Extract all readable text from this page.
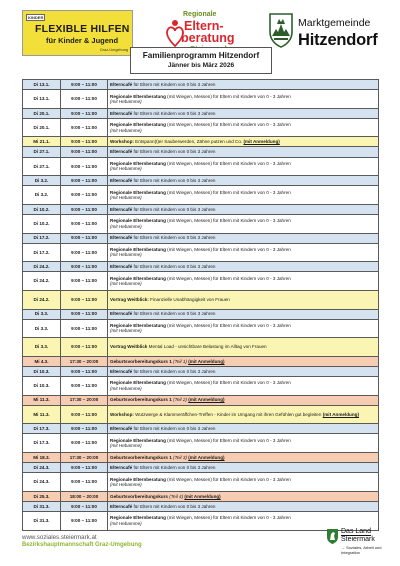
KINDER
FLEXIBLE HILFEN
für Kinder & Jugend
Graz-Umgebung
Regionale
Eltern-
beratung
Marktgemeinde
Hitzendorf
Familienprogramm Hitzendorf
Jänner bis März 2026
Di 13.1.	9:00 – 11:00	Elterncafé für Eltern mit Kindern von 0 bis 3 Jahren
Di 13.1.	9:00 – 11:00	Regionale Elternberatung (mit Wiegen, Messen) für Eltern mit Kindern von 0 - 3 Jahren
(mit Hebamme)
Di 20.1.	9:00 – 11:00	Elterncafé für Eltern mit Kindern von 0 bis 3 Jahren
Di 20.1.	9:00 – 11:00	Regionale Elternberatung (mit Wiegen, Messen) für Eltern mit Kindern von 0 - 3 Jahren
(mit Hebamme)
Mi 21.1.	9:00 – 11:00	Workshop: Entspann(t)er Sauberwerden, Zähne putzen und Co. (mit Anmeldung)
Di 27.1.	9:00 – 11:00	Elterncafé für Eltern mit Kindern von 0 bis 3 Jahren
Di 27.1.	9:00 – 11:00	Regionale Elternberatung (mit Wiegen, Messen) für Eltern mit Kindern von 0 - 3 Jahren
(mit Hebamme)
Di 3.2.	9:00 – 11:00	Elterncafé für Eltern mit Kindern von 0 bis 3 Jahren
Di 3.2.	9:00 – 11:00	Regionale Elternberatung (mit Wiegen, Messen) für Eltern mit Kindern von 0 - 3 Jahren
(mit Hebamme)
Di 10.2.	9:00 – 11:00	Elterncafé für Eltern mit Kindern von 0 bis 3 Jahren
Di 10.2.	9:00 – 11:00	Regionale Elternberatung (mit Wiegen, Messen) für Eltern mit Kindern von 0 - 3 Jahren
(mit Hebamme)
Di 17.2.	9:00 – 11:00	Elterncafé für Eltern mit Kindern von 0 bis 3 Jahren
Di 17.2.	9:00 – 11:00	Regionale Elternberatung (mit Wiegen, Messen) für Eltern mit Kindern von 0 - 3 Jahren
(mit Hebamme)
Di 24.2.	9:00 – 11:00	Elterncafé für Eltern mit Kindern von 0 bis 3 Jahren
Di 24.2.	9:00 – 11:00	Regionale Elternberatung (mit Wiegen, Messen) für Eltern mit Kindern von 0 - 3 Jahren
(mit Hebamme)
Di 24.2.	9:00 – 11:00	Vortrag Weitblick: Finanzielle Unabhängigkeit von Frauen
Di 3.3.	9:00 – 11:00	Elterncafé für Eltern mit Kindern von 0 bis 3 Jahren
Di 3.3.	9:00 – 11:00	Regionale Elternberatung (mit Wiegen, Messen) für Eltern mit Kindern von 0 - 3 Jahren
(mit Hebamme)
Di 3.3.	9:00 – 11:00	Vortrag Weitblick Mental Load - unsichtbare Belastung im Alltag von Frauen
Mi 4.3.	17:30 – 20:00	Geburtsvorbereitungskurs 1 (Teil 1) (mit Anmeldung)
Di 10.3.	9:00 – 11:00	Elterncafé für Eltern mit Kindern von 0 bis 3 Jahren
Di 10.3.	9:00 – 11:00	Regionale Elternberatung (mit Wiegen, Messen) für Eltern mit Kindern von 0 - 3 Jahren
(mit Hebamme)
Mi 11.3.	17:30 – 20:00	Geburtsvorbereitungskurs 1 (Teil 2) (mit Anmeldung)
Mi 11.3.	9:00 – 11:00	Workshop: Wutzwerge & Klammeräffchen-Treffen - Kinder im Umgang mit ihren Gefühlen gut begleiten (mit Anmeldung)
Di 17.3.	9:00 – 11:00	Elterncafé für Eltern mit Kindern von 0 bis 3 Jahren
Di 17.3.	9:00 – 11:00	Regionale Elternberatung (mit Wiegen, Messen) für Eltern mit Kindern von 0 - 3 Jahren
(mit Hebamme)
Mi 18.3.	17:30 – 20:00	Geburtsvorbereitungskurs 1 (Teil 3) (mit Anmeldung)
Di 24.3.	9:00 – 11:00	Elterncafé für Eltern mit Kindern von 0 bis 3 Jahren
Di 24.3.	9:00 – 11:00	Regionale Elternberatung (mit Wiegen, Messen) für Eltern mit Kindern von 0 - 3 Jahren
(mit Hebamme)
Di 25.3.	18:00 – 20:00	Geburtsvorbereitungskurs (Teil 4) (mit Anmeldung)
Di 31.3.	9:00 – 11:00	Elterncafé für Eltern mit Kindern von 0 bis 3 Jahren
Di 31.3.	9:00 – 11:00	Regionale Elternberatung (mit Wiegen, Messen) für Eltern mit Kindern von 0 - 3 Jahren
(mit Hebamme)
www.soziales.steiermark.at
Bezirkshauptmannschaft Graz-Umgebung
Das Land
Steiermark
→ Soziales, Arbeit und Integration
